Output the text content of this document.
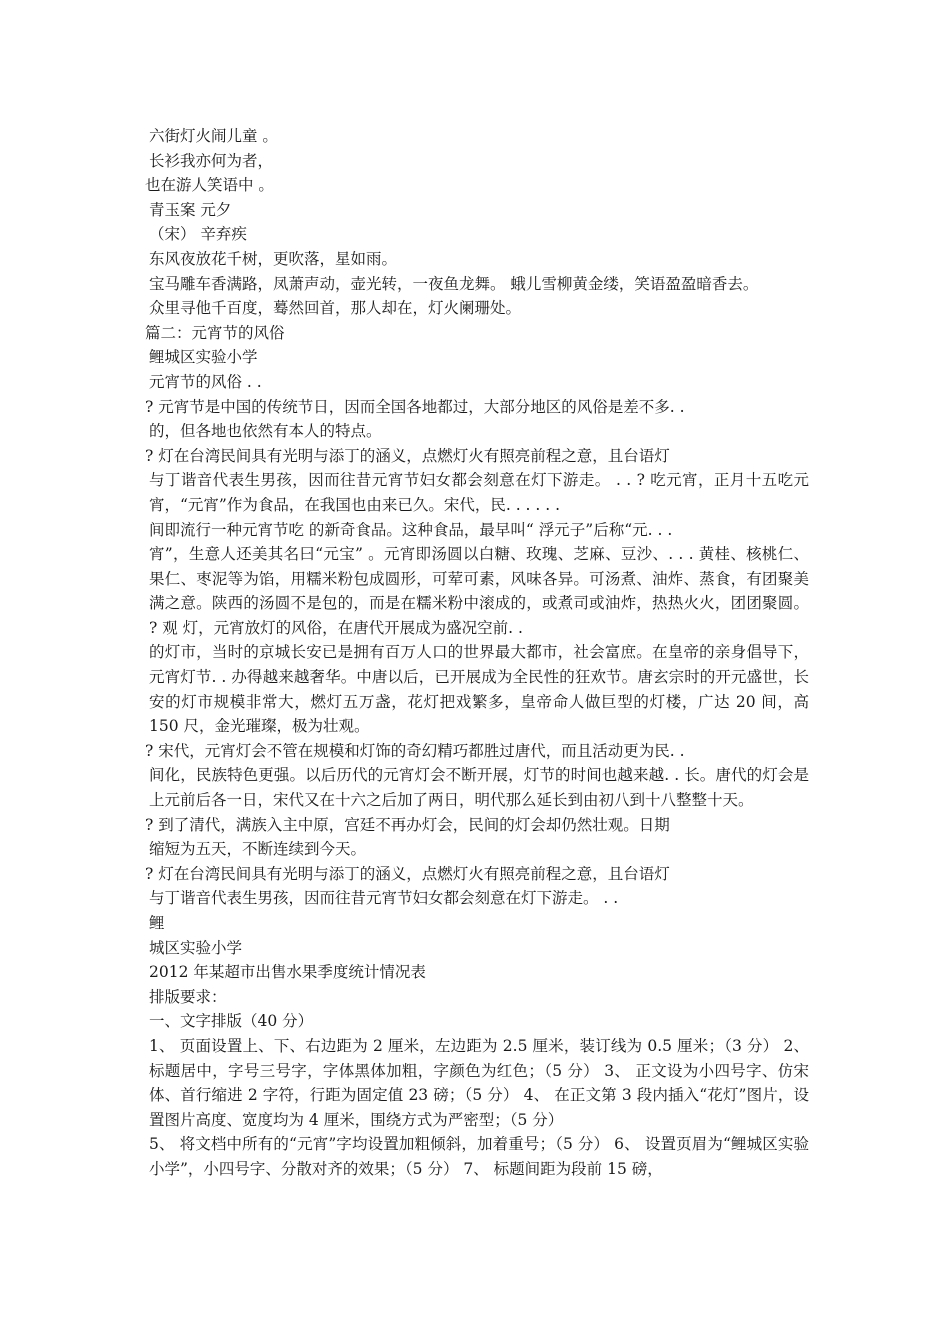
六街灯火闹儿童 。
长衫我亦何为者，
也在游人笑语中 。
青玉案 元夕
（宋） 辛弃疾
东风夜放花千树，更吹落，星如雨。
宝马雕车香满路，凤萧声动，壶光转，一夜鱼龙舞。 蛾儿雪柳黄金缕，笑语盈盈暗香去。
众里寻他千百度，蓦然回首，那人却在，灯火阑珊处。
篇二：元宵节的风俗
鲤城区实验小学
元宵节的风俗 . .
? 元宵节是中国的传统节日，因而全国各地都过，大部分地区的风俗是差不多. .
的，但各地也依然有本人的特点。
? 灯在台湾民间具有光明与添丁的涵义，点燃灯火有照亮前程之意，且台语灯
与丁谐音代表生男孩，因而往昔元宵节妇女都会刻意在灯下游走。 . . ? 吃元宵，正月十五吃元宵，“元宵”作为食品，在我国也由来已久。宋代，民. . . . . .
间即流行一种元宵节吃 的新奇食品。这种食品，最早叫“ 浮元子”后称“元. . .
宵”，生意人还美其名曰“元宝” 。元宵即汤圆以白糖、玫瑰、芝麻、豆沙、. . . 黄桂、核桃仁、果仁、枣泥等为馅，用糯米粉包成圆形，可荤可素，风味各异。可汤煮、油炸、蒸食，有团聚美满之意。陕西的汤圆不是包的，而是在糯米粉中滚成的，或煮司或油炸，热热火火，团团聚圆。 ? 观 灯，元宵放灯的风俗，在唐代开展成为盛况空前. .
的灯市，当时的京城长安已是拥有百万人口的世界最大都市，社会富庶。在皇帝的亲身倡导下，元宵灯节. . 办得越来越奢华。中唐以后，已开展成为全民性的狂欢节。唐玄宗时的开元盛世，长安的灯市规模非常大，燃灯五万盏，花灯把戏繁多，皇帝命人做巨型的灯楼，广达 20 间，高 150 尺，金光璀璨，极为壮观。
? 宋代，元宵灯会不管在规模和灯饰的奇幻精巧都胜过唐代，而且活动更为民. .
间化，民族特色更强。以后历代的元宵灯会不断开展，灯节的时间也越来越. . 长。唐代的灯会是上元前后各一日，宋代又在十六之后加了两日，明代那么延长到由初八到十八整整十天。
? 到了清代，满族入主中原，宫廷不再办灯会，民间的灯会却仍然壮观。日期
缩短为五天，不断连续到今天。
? 灯在台湾民间具有光明与添丁的涵义，点燃灯火有照亮前程之意，且台语灯
与丁谐音代表生男孩，因而往昔元宵节妇女都会刻意在灯下游走。 . .
鲤
城区实验小学
2012 年某超市出售水果季度统计情况表
排版要求：
一、文字排版（40 分）
1、 页面设置上、下、右边距为 2 厘米，左边距为 2.5 厘米，装订线为 0.5 厘米；（3 分） 2、 标题居中，字号三号字，字体黑体加粗，字颜色为红色；（5 分） 3、 正文设为小四号字、仿宋体、首行缩进 2 字符，行距为固定值 23 磅；（5 分） 4、 在正文第 3 段内插入“花灯”图片，设置图片高度、宽度均为 4 厘米，围绕方式为严密型；（5 分）
5、 将文档中所有的“元宵”字均设置加粗倾斜，加着重号；（5 分） 6、 设置页眉为“鲤城区实验小学”，小四号字、分散对齐的效果；（5 分） 7、 标题间距为段前 15 磅，
